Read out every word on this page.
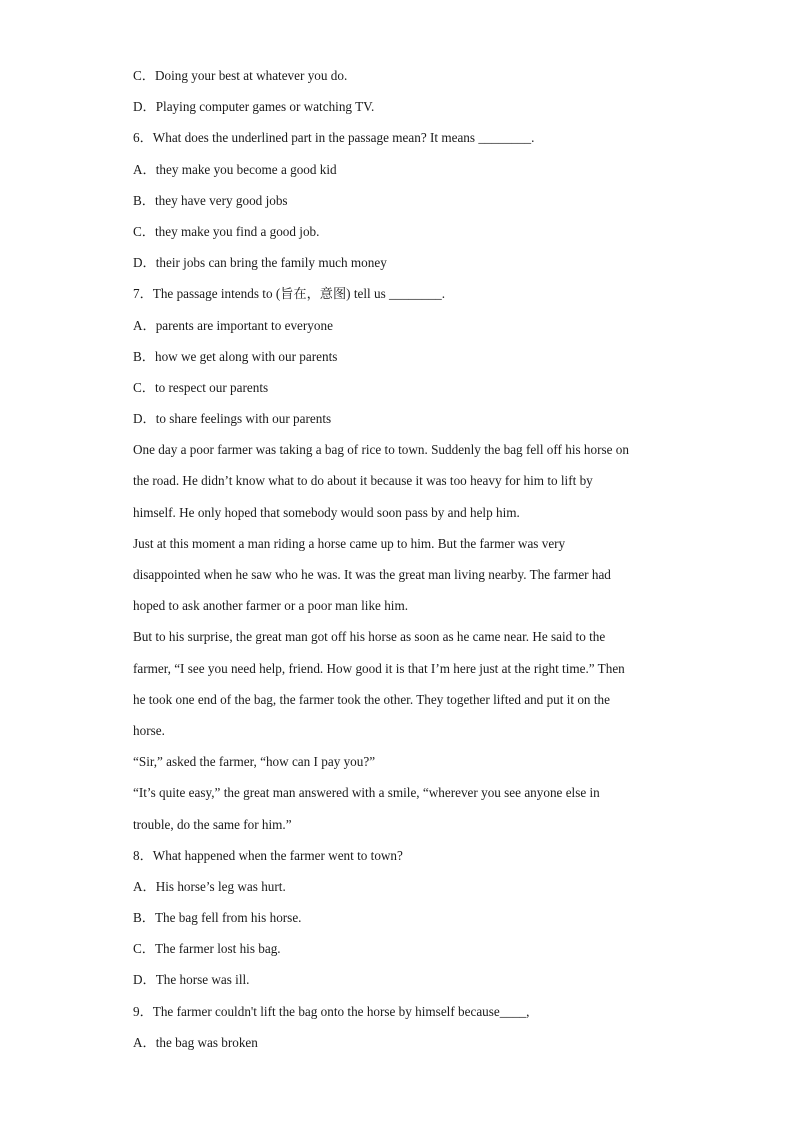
C．Doing your best at whatever you do.
D．Playing computer games or watching TV.
6．What does the underlined part in the passage mean? It means ________.
A．they make you become a good kid
B．they have very good jobs
C．they make you find a good job.
D．their jobs can bring the family much money
7．The passage intends to (旨在，意图) tell us ________.
A．parents are important to everyone
B．how we get along with our parents
C．to respect our parents
D．to share feelings with our parents
One day a poor farmer was taking a bag of rice to town. Suddenly the bag fell off his horse on
the road. He didn’t know what to do about it because it was too heavy for him to lift by
himself. He only hoped that somebody would soon pass by and help him.
Just at this moment a man riding a horse came up to him. But the farmer was very
disappointed when he saw who he was. It was the great man living nearby. The farmer had
hoped to ask another farmer or a poor man like him.
But to his surprise, the great man got off his horse as soon as he came near. He said to the
farmer, “I see you need help, friend. How good it is that I’m here just at the right time.” Then
he took one end of the bag, the farmer took the other. They together lifted and put it on the
horse.
“Sir,” asked the farmer, “how can I pay you?”
“It’s quite easy,” the great man answered with a smile, “wherever you see anyone else in
trouble, do the same for him.”
8．What happened when the farmer went to town?
A．His horse’s leg was hurt.
B．The bag fell from his horse.
C．The farmer lost his bag.
D．The horse was ill.
9．The farmer couldn't lift the bag onto the horse by himself because____,
A．the bag was broken
